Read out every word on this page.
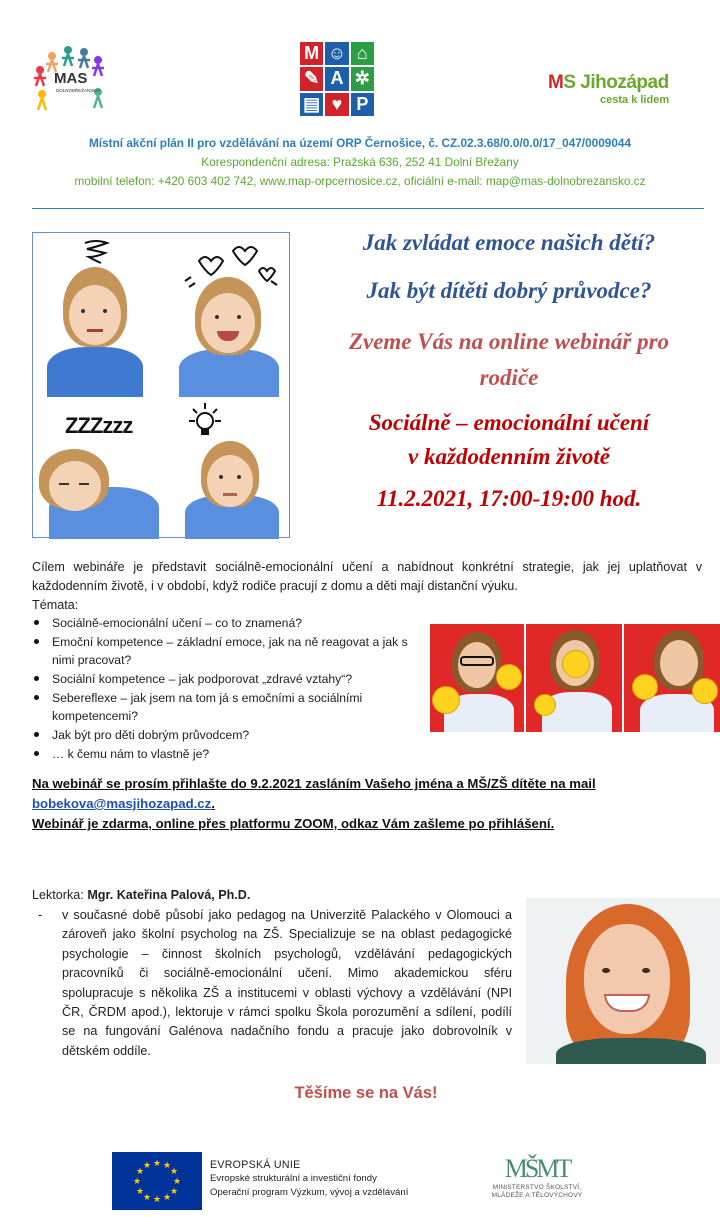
MAS
DOLNOBŘEŽANSKO
M ☺ ⌂
✎ A ✲
▤ ♥ P
MS Jihozápad
cesta k lidem
Místní akční plán II pro vzdělávání na území ORP Černošice, č. CZ.02.3.68/0.0/0.0/17_047/0009044
Korespondenční adresa: Pražská 636, 252 41 Dolní Břežany
mobilní telefon: +420 603 402 742, www.map-orpcernosice.cz, oficiální e-mail: map@mas-dolnobrezansko.cz
ZZZzzz
Jak zvládat emoce našich dětí?
Jak být dítěti dobrý průvodce?
Zveme Vás na online webinář pro
rodiče
Sociálně – emocionální učení
v každodenním životě
11.2.2021, 17:00-19:00 hod.
Cílem webináře je představit sociálně-emocionální učení a nabídnout konkrétní strategie, jak jej uplatňovat v každodenním životě, i v období, když rodiče pracují z domu a děti mají distanční výuku.
Témata:
Sociálně-emocionální učení – co to znamená?
Emoční kompetence – základní emoce, jak na ně reagovat a jak s nimi pracovat?
Sociální kompetence – jak podporovat „zdravé vztahy“?
Sebereflexe – jak jsem na tom já s emočními a sociálními kompetencemi?
Jak být pro děti dobrým průvodcem?
… k čemu nám to vlastně je?
Na webinář se prosím přihlašte do 9.2.2021 zasláním Vašeho jména a MŠ/ZŠ dítěte na mail
bobekova@masjihozapad.cz.
Webinář je zdarma, online přes platformu ZOOM, odkaz Vám zašleme po přihlášení.
Lektorka: Mgr. Kateřina Palová, Ph.D.
- v současné době působí jako pedagog na Univerzitě Palackého v Olomouci a zároveň jako školní psycholog na ZŠ. Specializuje se na oblast pedagogické psychologie – činnost školních psychologů, vzdělávání pedagogických pracovníků či sociálně-emocionální učení. Mimo akademickou sféru spolupracuje s několika ZŠ a institucemi v oblasti výchovy a vzdělávání (NPI ČR, ČRDM apod.), lektoruje v rámci spolku Škola porozumění a sdílení, podílí se na fungování Galénova nadačního fondu a pracuje jako dobrovolník v dětském oddíle.
Těšíme se na Vás!
★ ★
★
★
★
★
★
★
★
★
★
★	EVROPSKÁ UNIE
Evropské strukturální a investiční fondy
Operační program Výzkum, vývoj a vzdělávání
MŠMT
MINISTERSTVO ŠKOLSTVÍ,
MLÁDEŽE A TĚLOVÝCHOVY
